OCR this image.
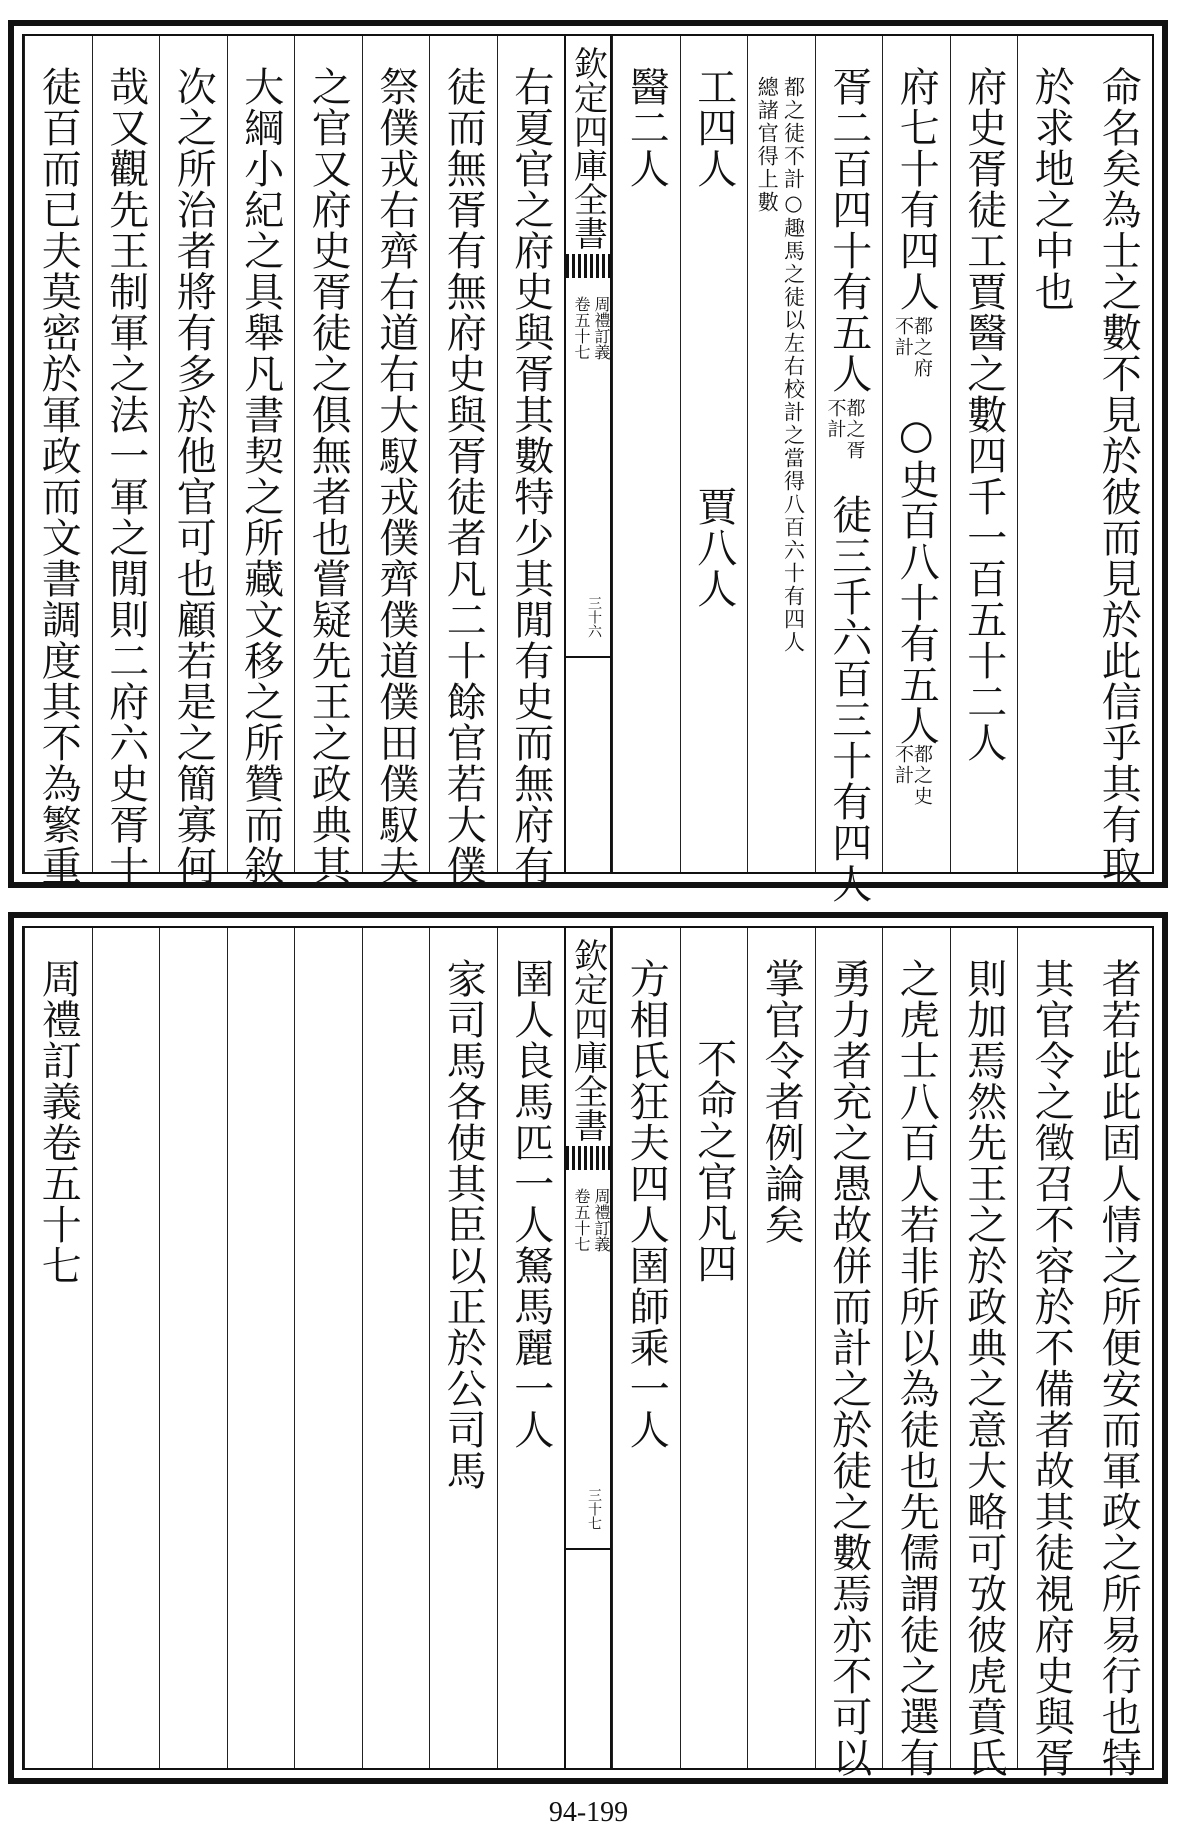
命名矣為士之數不見於彼而見於此信乎其有取
於求地之中也
府史胥徒工賈醫之數四千一百五十二人
府七十有四人
都之府不計
○史百八十有五人
都之史不計
胥二百四十有五人
都之胥不計
徒三千六百三十有四人
都之徒不計○趣馬之徒以左右校計之當得八百六十有四人總諸官得上數
工四人
賈八人
醫二人
欽定四庫全書
周禮訂義
卷五十七
三十六
右夏官之府史與胥其數特少其閒有史而無府有
徒而無胥有無府史與胥徒者凡二十餘官若大僕
祭僕戎右齊右道右大馭戎僕齊僕道僕田僕馭夫
之官又府史胥徒之俱無者也嘗疑先王之政典其
大綱小紀之具舉凡書契之所藏文移之所贊而敘
次之所治者將有多於他官可也顧若是之簡寡何
哉又觀先王制軍之法一軍之閒則二府六史胥十
徒百而已夫莫密於軍政而文書調度其不為繁重
者若此此固人情之所便安而軍政之所易行也特
其官令之徵召不容於不備者故其徒視府史與胥
則加焉然先王之於政典之意大略可攷彼虎賁氏
之虎士八百人若非所以為徒也先儒謂徒之選有
勇力者充之愚故併而計之於徒之數焉亦不可以
掌官令者例論矣
不命之官凡四
方相氏狂夫四人圉師乘一人
欽定四庫全書
周禮訂義
卷五十七
三十七
圉人良馬匹一人駑馬麗一人
家司馬各使其臣以正於公司馬
周禮訂義卷五十七
94-199
